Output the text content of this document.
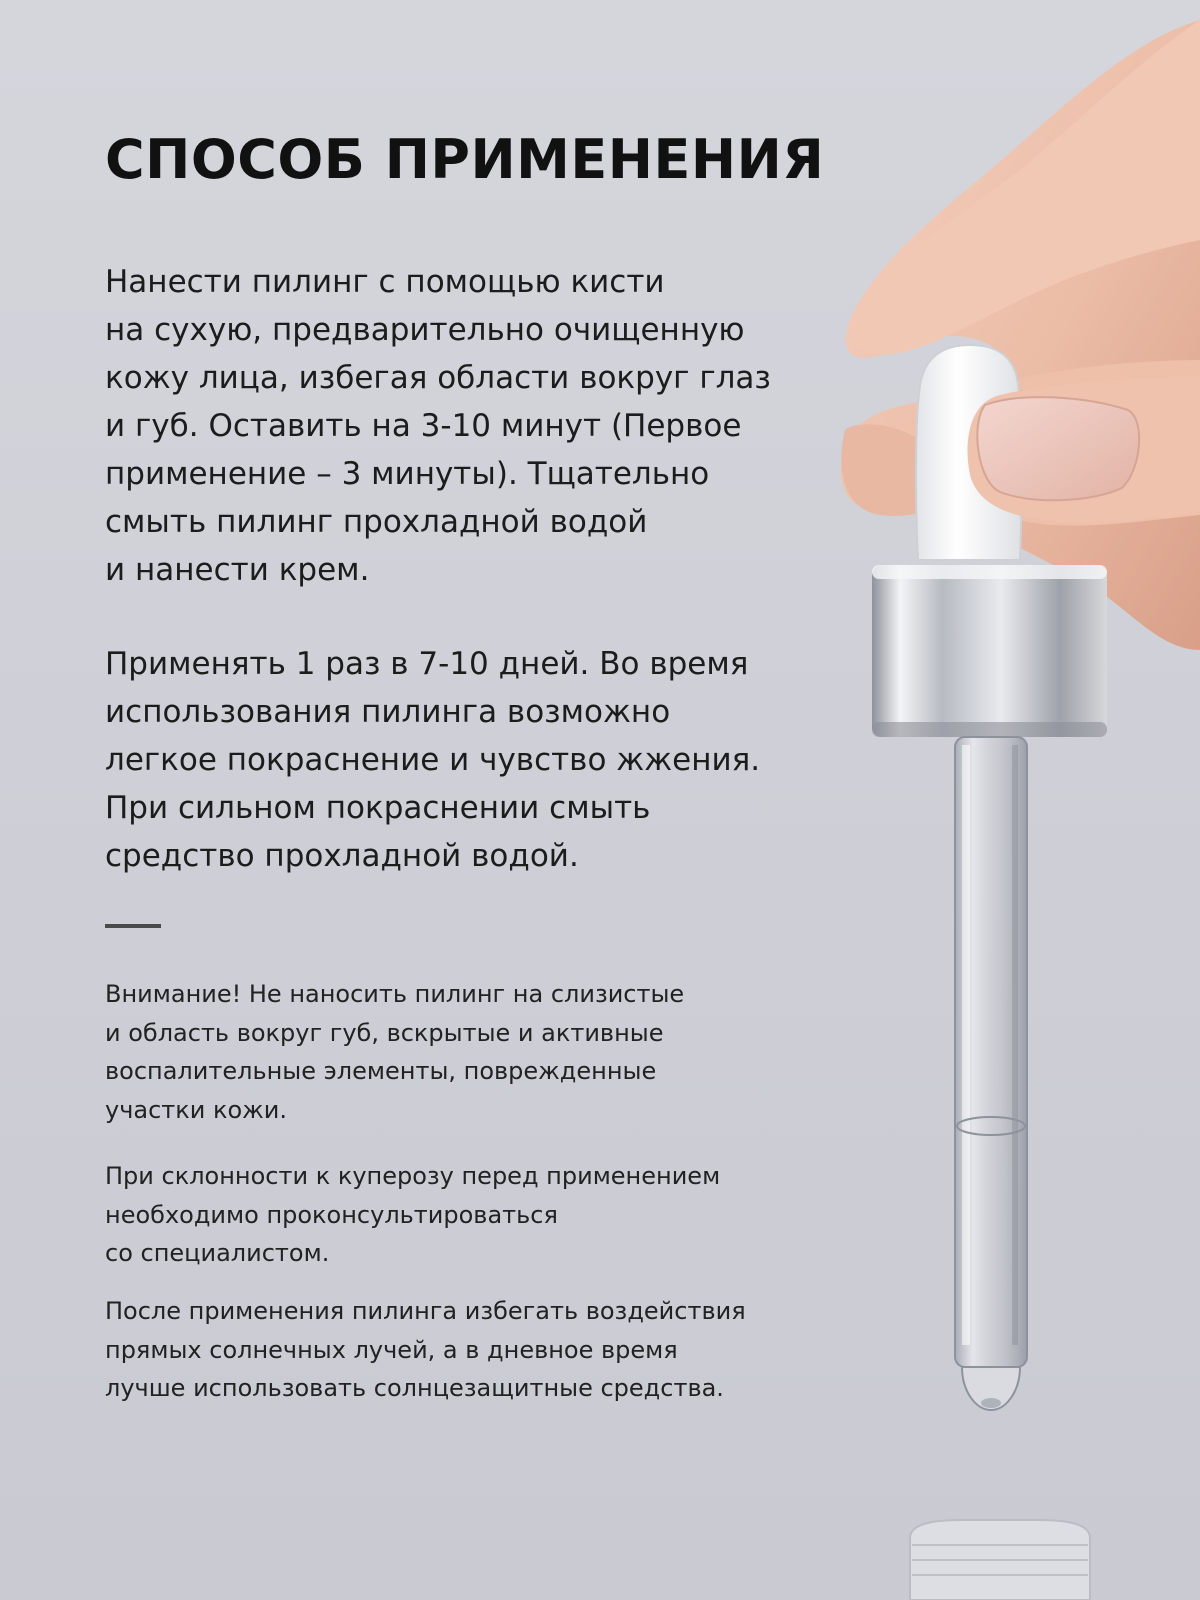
СПОСОБ ПРИМЕНЕНИЯ
Нанести пилинг с помощью кисти
на сухую, предварительно очищенную
кожу лица, избегая области вокруг глаз
и губ. Оставить на 3-10 минут (Первое
применение – 3 минуты). Тщательно
смыть пилинг прохладной водой
и нанести крем.
Применять 1 раз в 7-10 дней. Во время
использования пилинга возможно
легкое покраснение и чувство жжения.
При сильном покраснении смыть
средство прохладной водой.
Внимание! Не наносить пилинг на слизистые
и область вокруг губ, вскрытые и активные
воспалительные элементы, поврежденные
участки кожи.
При склонности к куперозу перед применением
необходимо проконсультироваться
со специалистом.
После применения пилинга избегать воздействия
прямых солнечных лучей, а в дневное время
лучше использовать солнцезащитные средства.
